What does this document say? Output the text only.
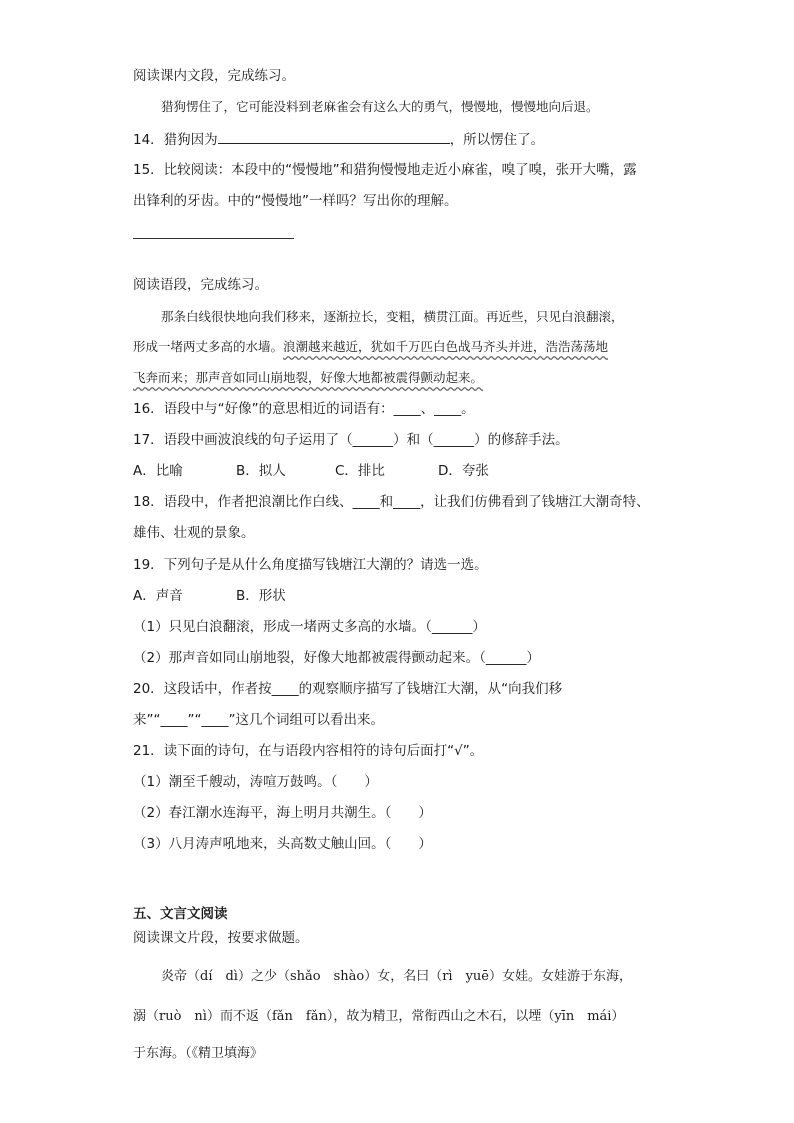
阅读课内文段，完成练习。
猎狗愣住了，它可能没料到老麻雀会有这么大的勇气，慢慢地，慢慢地向后退。
14．猎狗因为	，所以愣住了。
15．比较阅读：本段中的“慢慢地”和猎狗慢慢地走近小麻雀，嗅了嗅，张开大嘴，露
出锋利的牙齿。中的“慢慢地”一样吗？写出你的理解。
阅读语段，完成练习。
那条白线很快地向我们移来，逐渐拉长，变粗，横贯江面。再近些，只见白浪翻滚，
形成一堵两丈多高的水墙。浪潮越来越近，犹如千万匹白色战马齐头并进，浩浩荡荡地
飞奔而来；那声音如同山崩地裂，好像大地都被震得颤动起来。
16．语段中与“好像”的意思相近的词语有：____、____。
17．语段中画波浪线的句子运用了（______）和（______）的修辞手法。
A．比喻	B．拟人	C．排比	D．夸张
18．语段中，作者把浪潮比作白线、____和____，让我们仿佛看到了钱塘江大潮奇特、
雄伟、壮观的景象。
19．下列句子是从什么角度描写钱塘江大潮的？请选一选。
A．声音	B．形状
（1）只见白浪翻滚，形成一堵两丈多高的水墙。（______）
（2）那声音如同山崩地裂，好像大地都被震得颤动起来。（______）
20．这段话中，作者按____的观察顺序描写了钱塘江大潮，从“向我们移
来”“____”“____”这几个词组可以看出来。
21．读下面的诗句，在与语段内容相符的诗句后面打“√”。
（1）潮至千艘动，涛喧万鼓鸣。（　　）
（2）春江潮水连海平，海上明月共潮生。（　　）
（3）八月涛声吼地来，头高数丈触山回。（　　）
五、文言文阅读
阅读课文片段，按要求做题。
炎帝（dí　dì）之少（shǎo　shào）女，名曰（rì　yuē）女娃。女娃游于东海，
溺（ruò　nì）而不返（fǎn　fǎn），故为精卫，常衔西山之木石，以堙（yīn　mái）
于东海。（《精卫填海》
